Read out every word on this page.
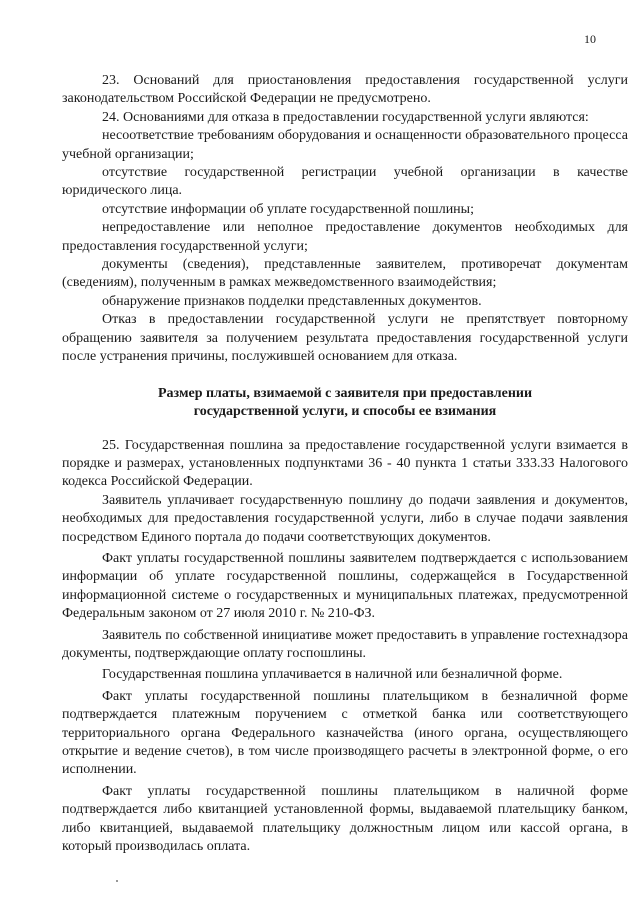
10

23. Оснований для приостановления предоставления государственной услуги законодательством Российской Федерации не предусмотрено.

24. Основаниями для отказа в предоставлении государственной услуги являются:

несоответствие требованиям оборудования и оснащенности образовательного процесса учебной организации;

отсутствие государственной регистрации учебной организации в качестве юридического лица.

отсутствие информации об уплате государственной пошлины;

непредоставление или неполное предоставление документов необходимых для предоставления государственной услуги;

документы (сведения), представленные заявителем, противоречат документам (сведениям), полученным в рамках межведомственного взаимодействия;

обнаружение признаков подделки представленных документов.

Отказ в предоставлении государственной услуги не препятствует повторному обращению заявителя за получением результата предоставления государственной услуги после устранения причины, послужившей основанием для отказа.

Размер платы, взимаемой с заявителя при предоставлении
государственной услуги, и способы ее взимания

25. Государственная пошлина за предоставление государственной услуги взимается в порядке и размерах, установленных подпунктами 36 - 40 пункта 1 статьи 333.33 Налогового кодекса Российской Федерации.

Заявитель уплачивает государственную пошлину до подачи заявления и документов, необходимых для предоставления государственной услуги, либо в случае подачи заявления посредством Единого портала до подачи соответствующих документов.

Факт уплаты государственной пошлины заявителем подтверждается с использованием информации об уплате государственной пошлины, содержащейся в Государственной информационной системе о государственных и муниципальных платежах, предусмотренной Федеральным законом от 27 июля 2010 г. № 210-ФЗ.

Заявитель по собственной инициативе может предоставить в управление гостехнадзора документы, подтверждающие оплату госпошлины.

Государственная пошлина уплачивается в наличной или безналичной форме.

Факт уплаты государственной пошлины плательщиком в безналичной форме подтверждается платежным поручением с отметкой банка или соответствующего территориального органа Федерального казначейства (иного органа, осуществляющего открытие и ведение счетов), в том числе производящего расчеты в электронной форме, о его исполнении.

Факт уплаты государственной пошлины плательщиком в наличной форме подтверждается либо квитанцией установленной формы, выдаваемой плательщику банком, либо квитанцией, выдаваемой плательщику должностным лицом или кассой органа, в который производилась оплата.
